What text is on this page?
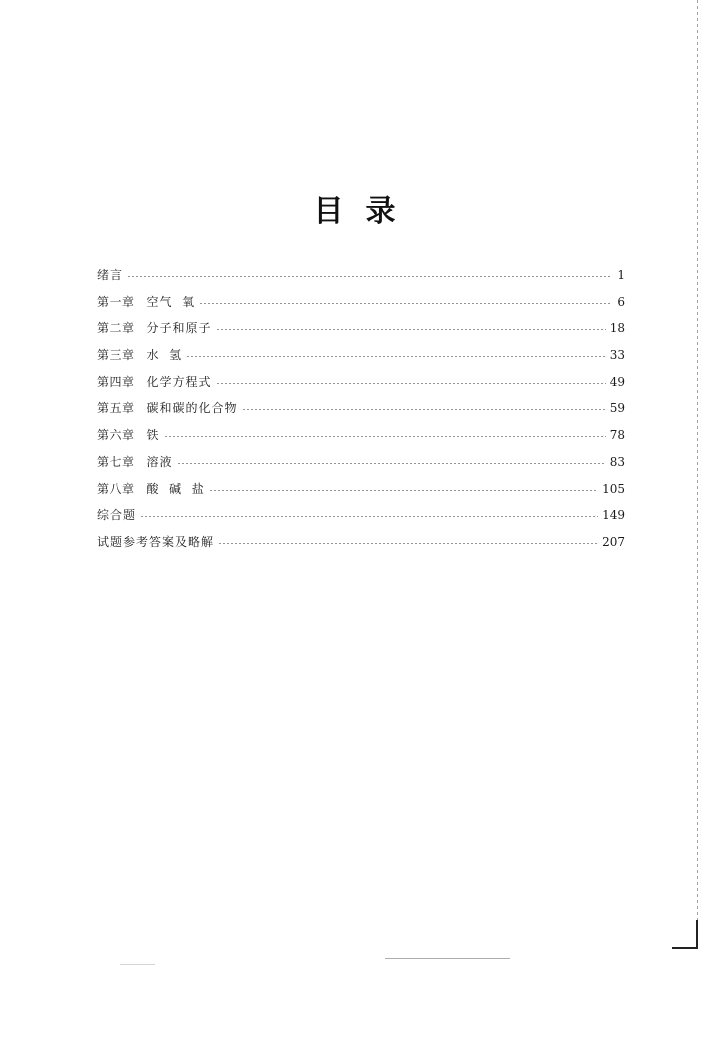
目 录
绪言	1
第一章 空气  氧	6
第二章 分子和原子	18
第三章 水  氢	33
第四章 化学方程式	49
第五章 碳和碳的化合物	59
第六章 铁	78
第七章 溶液	83
第八章 酸  碱  盐	105
综合题	149
试题参考答案及略解	207
